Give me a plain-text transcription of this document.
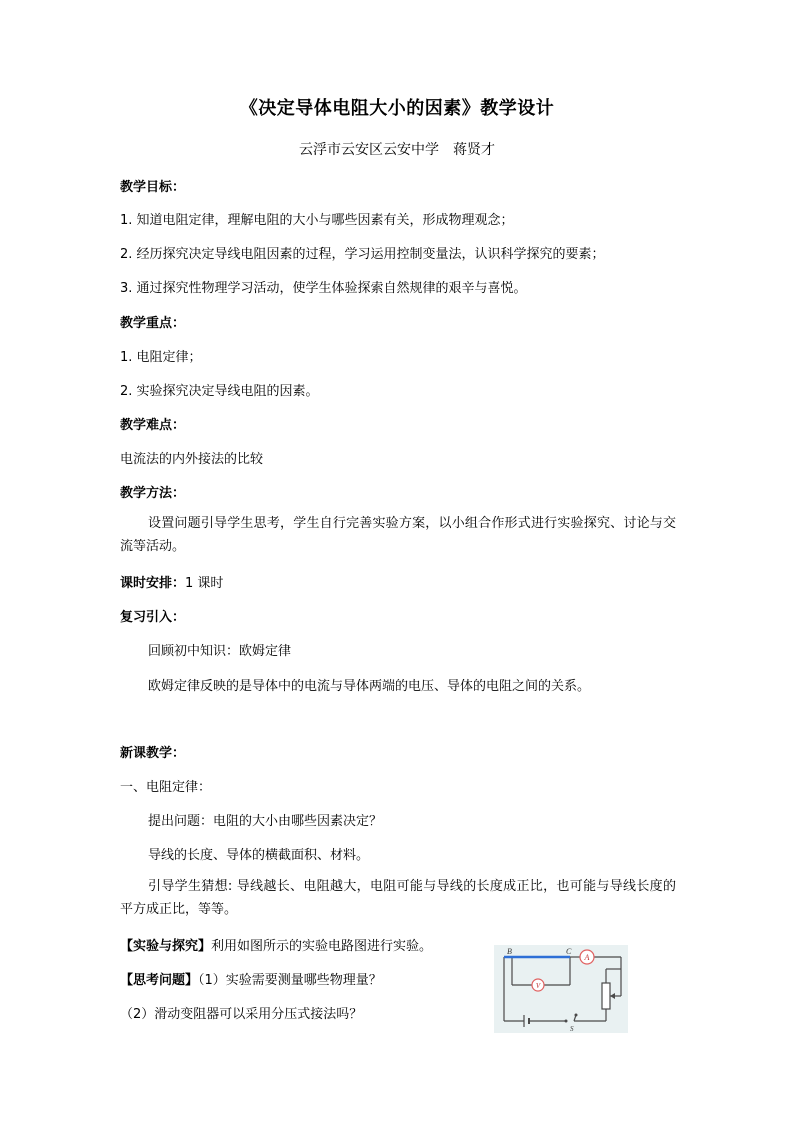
《决定导体电阻大小的因素》教学设计
云浮市云安区云安中学　蒋贤才
教学目标：
1. 知道电阻定律，理解电阻的大小与哪些因素有关，形成物理观念；
2. 经历探究决定导线电阻因素的过程，学习运用控制变量法，认识科学探究的要素；
3. 通过探究性物理学习活动，使学生体验探索自然规律的艰辛与喜悦。
教学重点：
1. 电阻定律；
2. 实验探究决定导线电阻的因素。
教学难点：
电流法的内外接法的比较
教学方法：
设置问题引导学生思考，学生自行完善实验方案，以小组合作形式进行实验探究、讨论与交流等活动。
课时安排：1 课时
复习引入：
回顾初中知识：欧姆定律
欧姆定律反映的是导体中的电流与导体两端的电压、导体的电阻之间的关系。
新课教学：
一、电阻定律：
提出问题：电阻的大小由哪些因素决定？
导线的长度、导体的横截面积、材料。
引导学生猜想: 导线越长、电阻越大，电阻可能与导线的长度成正比，也可能与导线长度的平方成正比，等等。
【实验与探究】利用如图所示的实验电路图进行实验。
【思考问题】（1）实验需要测量哪些物理量？
（2）滑动变阻器可以采用分压式接法吗？
A
V
B	C
S
